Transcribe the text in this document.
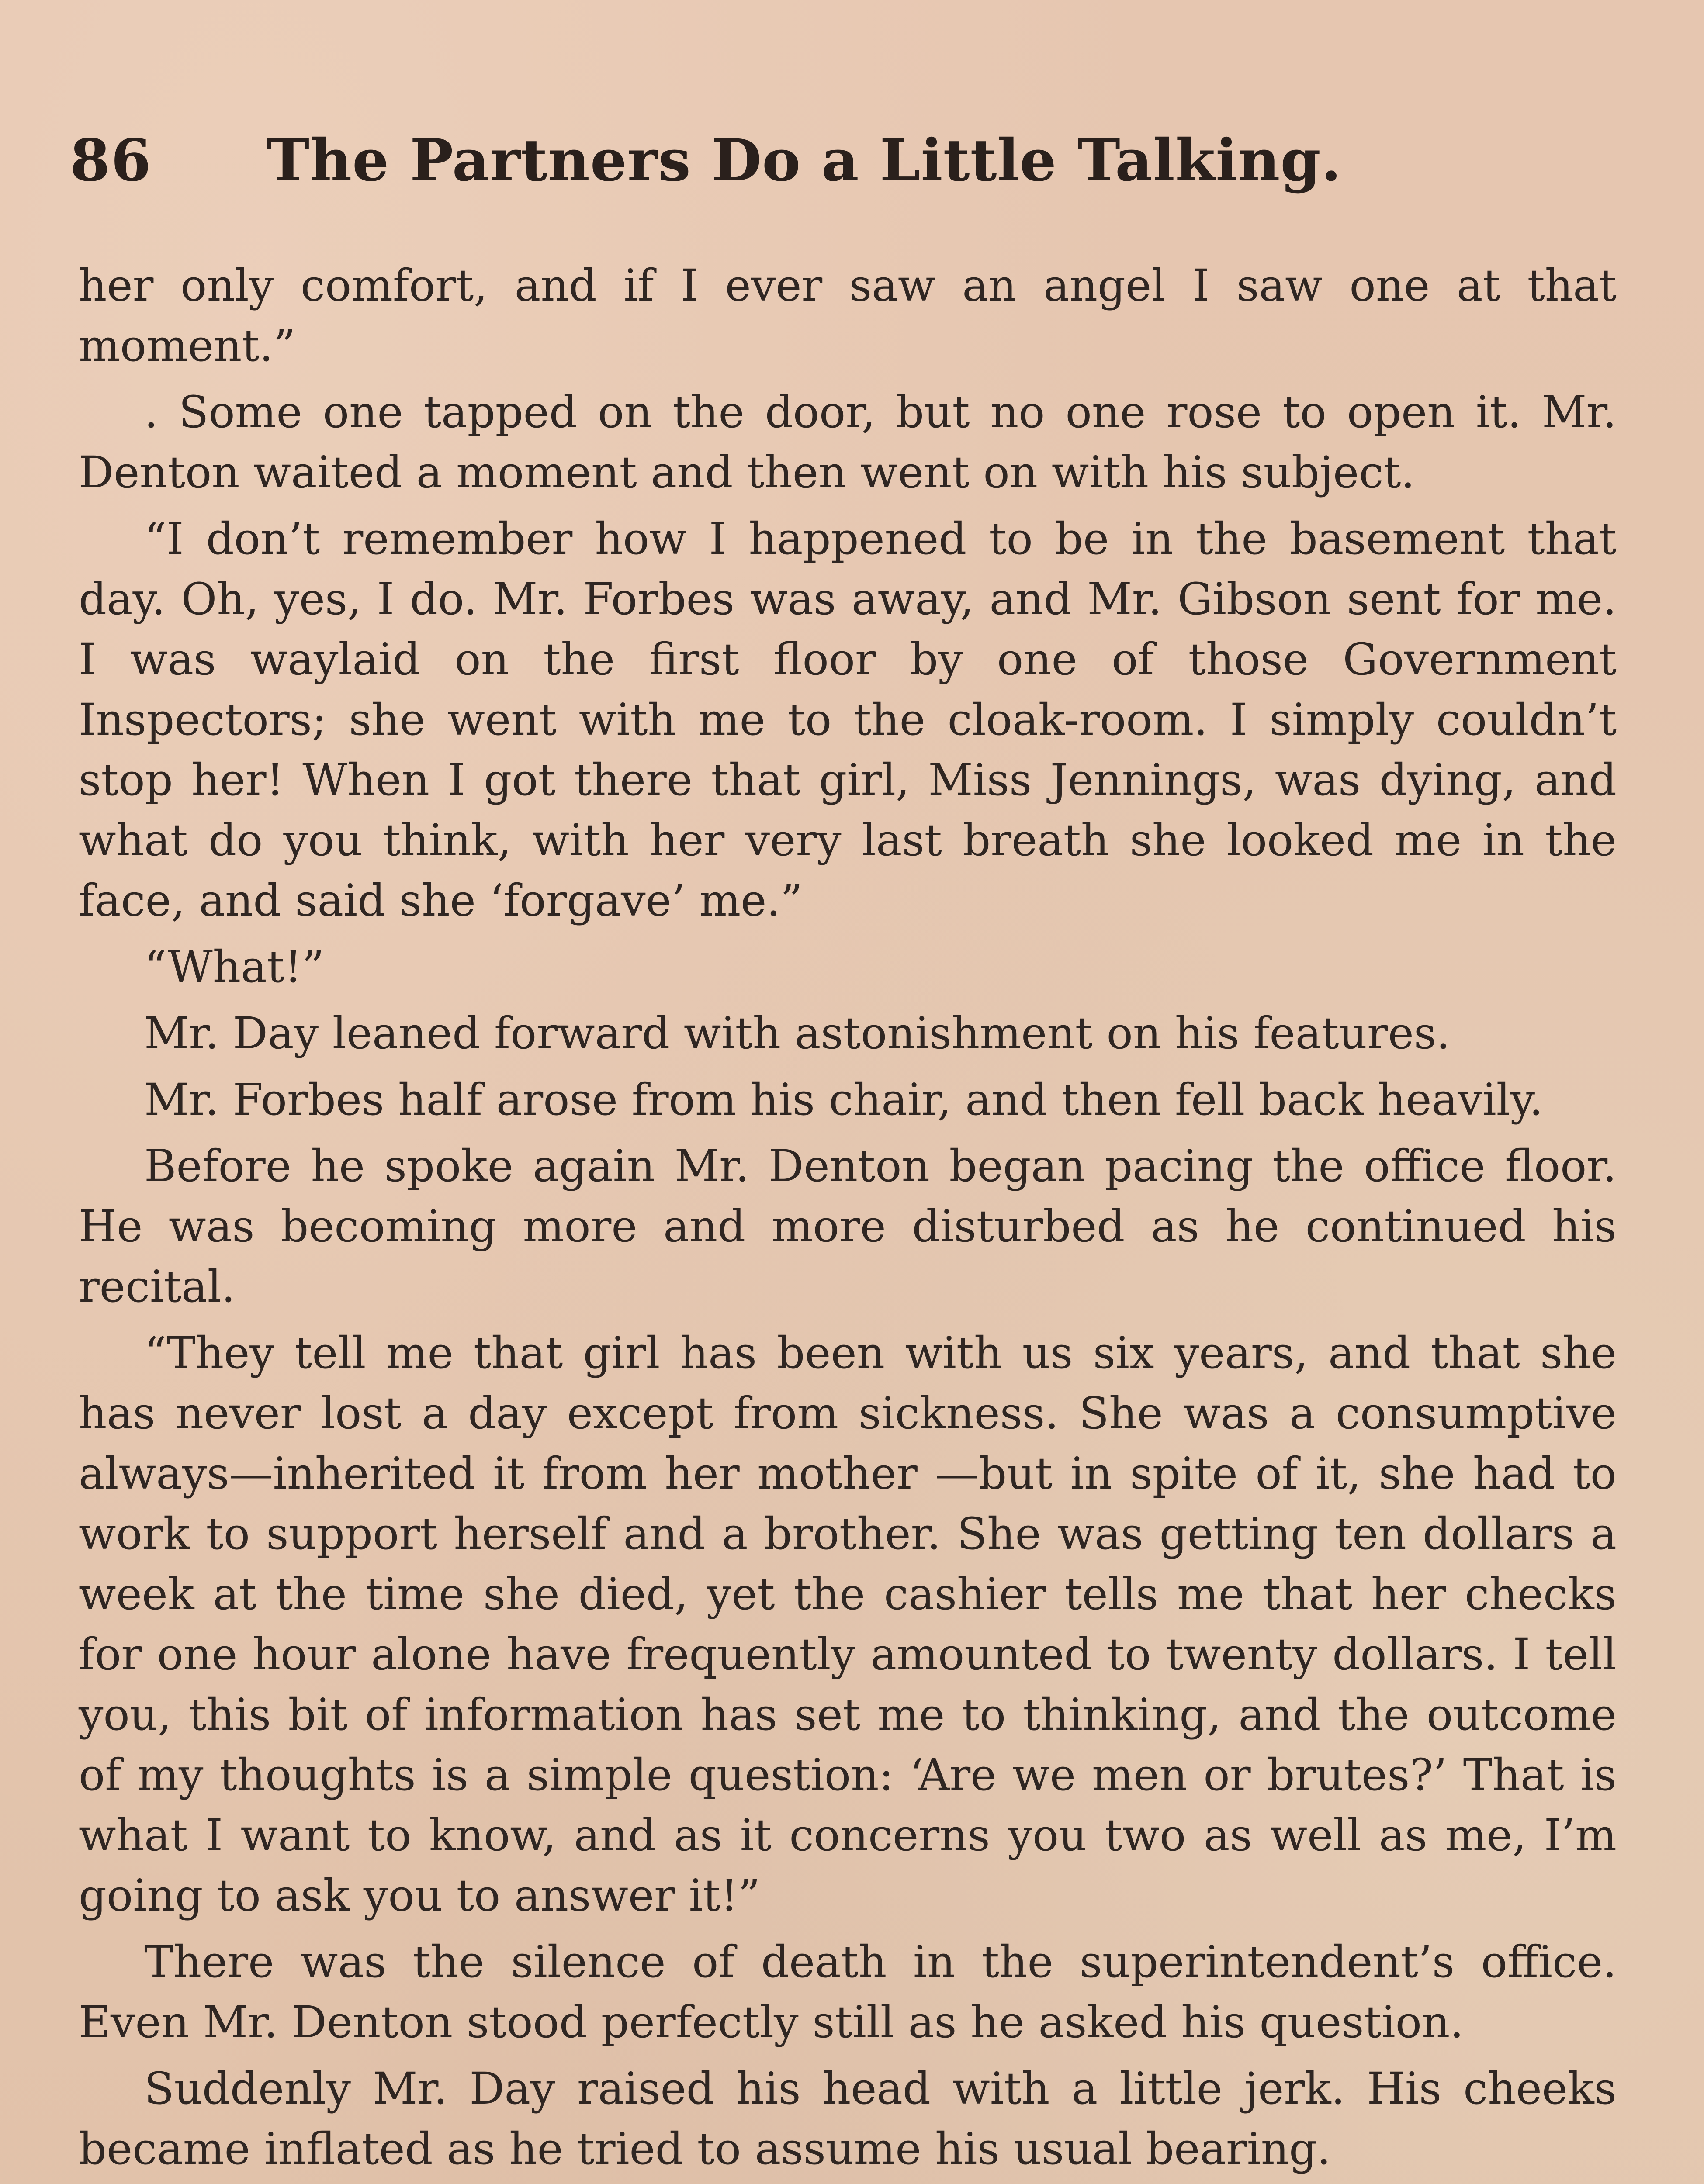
86 The Partners Do a Little Talking.

her only comfort, and if I ever saw an angel I saw one at that moment.”

. Some one tapped on the door, but no one rose to open it. Mr. Denton waited a moment and then went on with his subject.

“I don’t remember how I happened to be in the basement that day. Oh, yes, I do. Mr. Forbes was away, and Mr. Gibson sent for me. I was waylaid on the first floor by one of those Government Inspectors; she went with me to the cloak-room. I simply couldn’t stop her! When I got there that girl, Miss Jennings, was dying, and what do you think, with her very last breath she looked me in the face, and said she ‘forgave’ me.”

“What!”

Mr. Day leaned forward with astonishment on his features.

Mr. Forbes half arose from his chair, and then fell back heavily.

Before he spoke again Mr. Denton began pacing the office floor. He was becoming more and more disturbed as he continued his recital.

“They tell me that girl has been with us six years, and that she has never lost a day except from sickness. She was a consumptive always—inherited it from her mother —but in spite of it, she had to work to support herself and a brother. She was getting ten dollars a week at the time she died, yet the cashier tells me that her checks for one hour alone have frequently amounted to twenty dollars. I tell you, this bit of information has set me to thinking, and the outcome of my thoughts is a simple question: ‘Are we men or brutes?’ That is what I want to know, and as it concerns you two as well as me, I’m going to ask you to answer it!”

There was the silence of death in the superintendent’s office. Even Mr. Denton stood perfectly still as he asked his question.

Suddenly Mr. Day raised his head with a little jerk. His cheeks became inflated as he tried to assume his usual bearing.
